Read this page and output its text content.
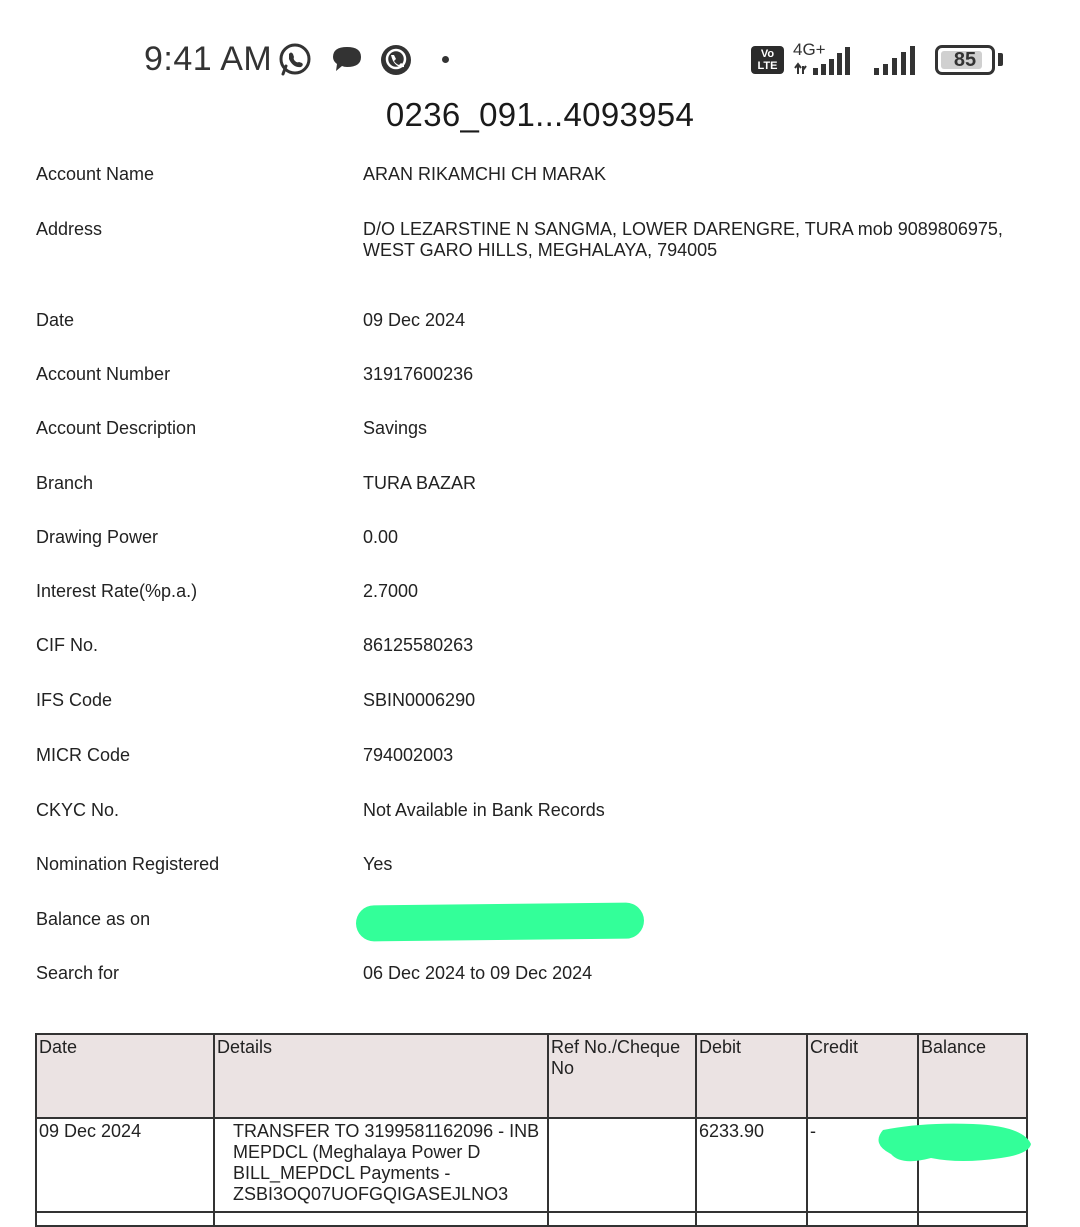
9:41 AM	Vo
LTE
4G+	85
0236_091...4093954
Account Name	ARAN RIKAMCHI CH MARAK
Address	D/O LEZARSTINE N SANGMA, LOWER DARENGRE, TURA mob 9089806975, WEST GARO HILLS, MEGHALAYA, 794005
Date	09 Dec 2024
Account Number	31917600236
Account Description	Savings
Branch	TURA BAZAR
Drawing Power	0.00
Interest Rate(%p.a.)	2.7000
CIF No.	86125580263
IFS Code	SBIN0006290
MICR Code	794002003
CKYC No.	Not Available in Bank Records
Nomination Registered	Yes
Balance as on
Search for	06 Dec 2024 to 09 Dec 2024
Date	Details	Ref No./Cheque No	Debit	Credit	Balance
09 Dec 2024	TRANSFER TO 3199581162096 - INB MEPDCL (Meghalaya Power D BILL_MEPDCL Payments - ZSBI3OQ07UOFGQIGASEJLNO3		6233.90	-	
